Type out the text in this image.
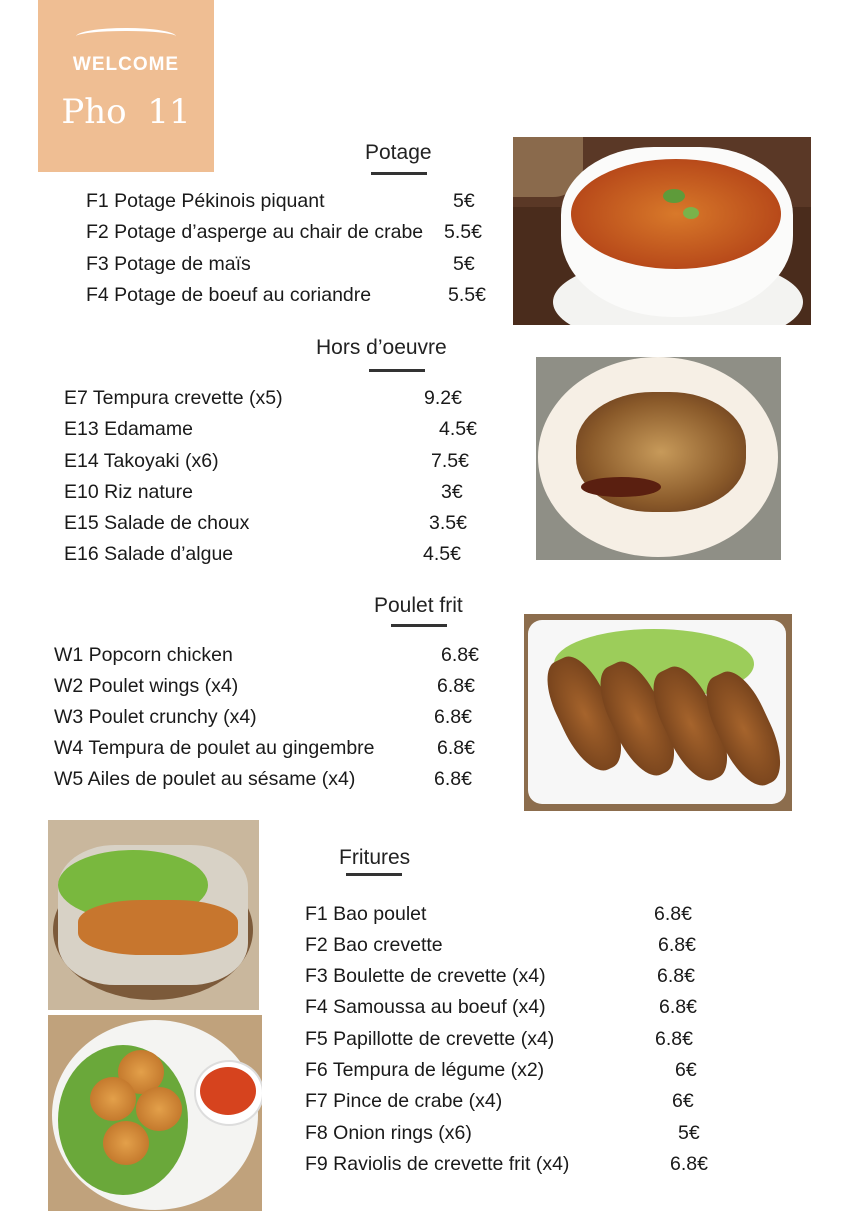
WELCOME
Pho 11
Potage
F1 Potage Pékinois piquant	5€
F2 Potage d’asperge au chair de crabe 5.5€
F3 Potage de maïs	5€
F4 Potage de boeuf au coriandre	5.5€
Hors d’oeuvre
E7 Tempura crevette (x5)	9.2€
E13 Edamame	4.5€
E14 Takoyaki (x6)	7.5€
E10 Riz nature	3€
E15 Salade de choux	3.5€
E16 Salade d’algue	4.5€
Poulet frit
W1 Popcorn chicken	6.8€
W2 Poulet wings (x4)	6.8€
W3 Poulet crunchy (x4)	6.8€
W4 Tempura de poulet au gingembre	6.8€
W5 Ailes de poulet au sésame (x4)	6.8€
Fritures
F1 Bao poulet	6.8€
F2 Bao crevette	6.8€
F3 Boulette de crevette (x4)	6.8€
F4 Samoussa au boeuf (x4)	6.8€
F5 Papillotte de crevette (x4)	6.8€
F6 Tempura de légume (x2)	6€
F7 Pince de crabe (x4)	6€
F8 Onion rings (x6)	5€
F9 Raviolis de crevette frit (x4)	6.8€
